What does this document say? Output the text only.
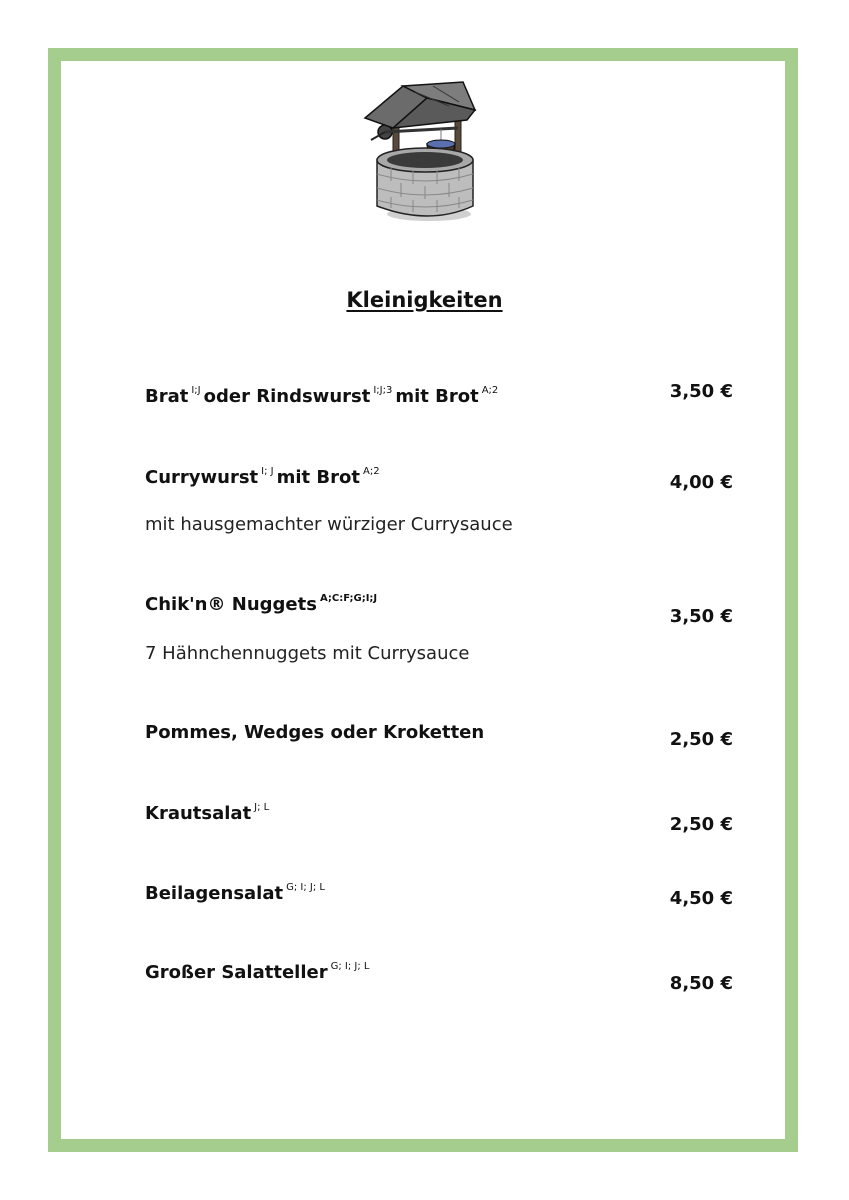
Kleinigkeiten
Brat $^{I;J}$ oder Rindswurst $^{I;J;3}$ mit Brot $^{A;2}$	3,50 €
Currywurst $^{I; J}$ mit Brot $^{A;2}$
mit hausgemachter würziger Currysauce
4,00 €
Chik'n® Nuggets $^{A;C:F;G;I;J}$
7 Hähnchennuggets mit Currysauce
3,50 €
Pommes, Wedges oder Kroketten	2,50 €
Krautsalat $^{J; L}$
2,50 €
Beilagensalat $^{G; I; J; L}$
4,50 €
Großer Salatteller $^{G; I; J; L}$
8,50 €
